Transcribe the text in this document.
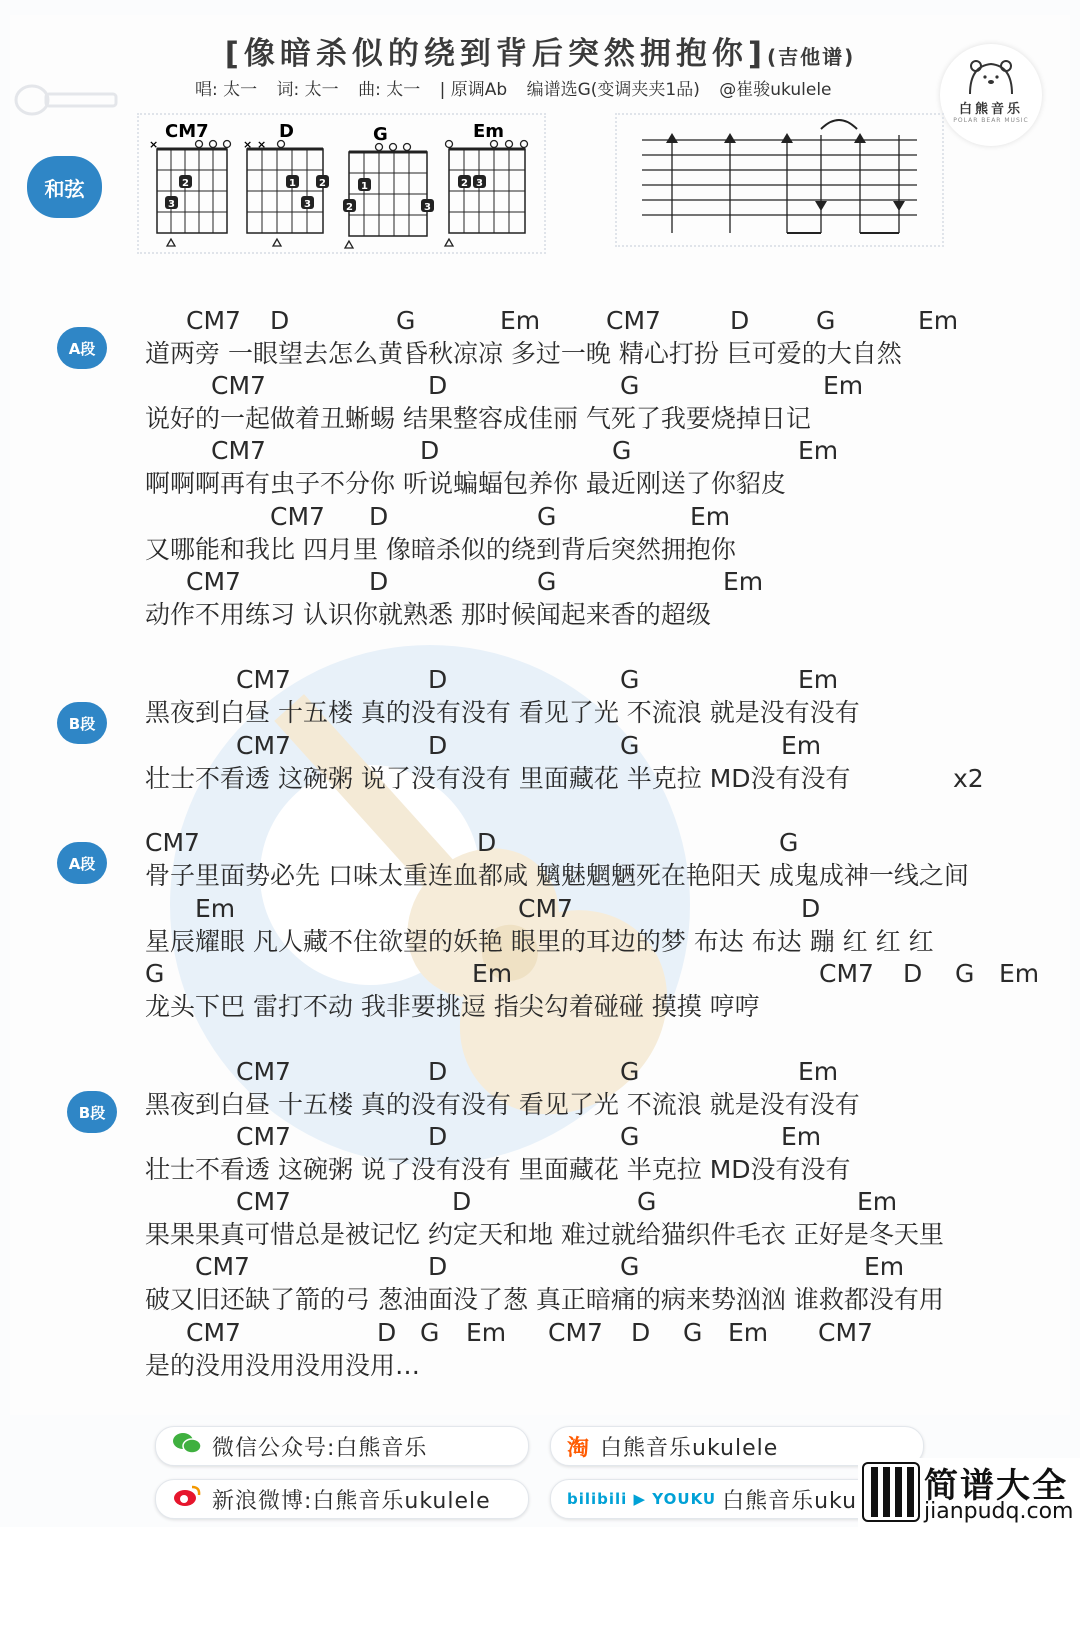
[像暗杀似的绕到背后突然拥抱你](吉他谱)
唱: 太一 词: 太一 曲: 太一 | 原调Ab 编谱选G(变调夹夹1品) @崔骏ukulele
白熊音乐
POLAR BEAR MUSIC
和弦
CM7
×
2
3
D
× ×
1 2
3
G
1
2	3
Em
2 3
A段
B段
A段
B段

CM7

D

	G

	Em

	CM7

	D

	G

	Em

道两旁 一眼望去怎么黄昏秋凉凉 多过一晚 精心打扮 巨可爱的大自然

CM7

	D

	G

	Em

说好的一起做着丑蜥蜴 结果整容成佳丽 气死了我要烧掉日记

CM7

	D

	G

	Em

啊啊啊再有虫子不分你 听说蝙蝠包养你 最近刚送了你貂皮

CM7

D

	G

	Em

又哪能和我比 四月里 像暗杀似的绕到背后突然拥抱你

CM7

	D

	G

	Em

动作不用练习 认识你就熟悉 那时候闻起来香的超级

CM7

	D

	G

	Em

黑夜到白昼 十五楼 真的没有没有 看见了光 不流浪 就是没有没有

CM7

	D

	G

	Em

壮士不看透 这碗粥 说了没有没有 里面藏花 半克拉 MD没有没有	x2

CM7

	D

	G

骨子里面势必先 口味太重连血都咸 魑魅魍魉死在艳阳天 成鬼成神一线之间

Em

	CM7

	D

星辰耀眼 凡人藏不住欲望的妖艳 眼里的耳边的梦 布达 布达 蹦 红 红 红

G

	Em

	CM7

D

G

Em

龙头下巴 雷打不动 我非要挑逗 指尖勾着碰碰 摸摸 哼哼

CM7

	D

	G

	Em

黑夜到白昼 十五楼 真的没有没有 看见了光 不流浪 就是没有没有

CM7

	D

	G

	Em

壮士不看透 这碗粥 说了没有没有 里面藏花 半克拉 MD没有没有

CM7

	D

	G

	Em

果果果真可惜总是被记忆 约定天和地 难过就给猫织件毛衣 正好是冬天里

CM7

	D

	G

	Em

破又旧还缺了箭的弓 葱油面没了葱 真正暗痛的病来势汹汹 谁救都没有用

CM7

	D

G

Em

CM7

D

G

Em

CM7

是的没用没用没用没用…
微信公众号:白熊音乐	淘 白熊音乐ukulele
新浪微博:白熊音乐ukulele	bilibili ▶ YOUKU 白熊音乐uku 简谱大全
jianpudq.com
